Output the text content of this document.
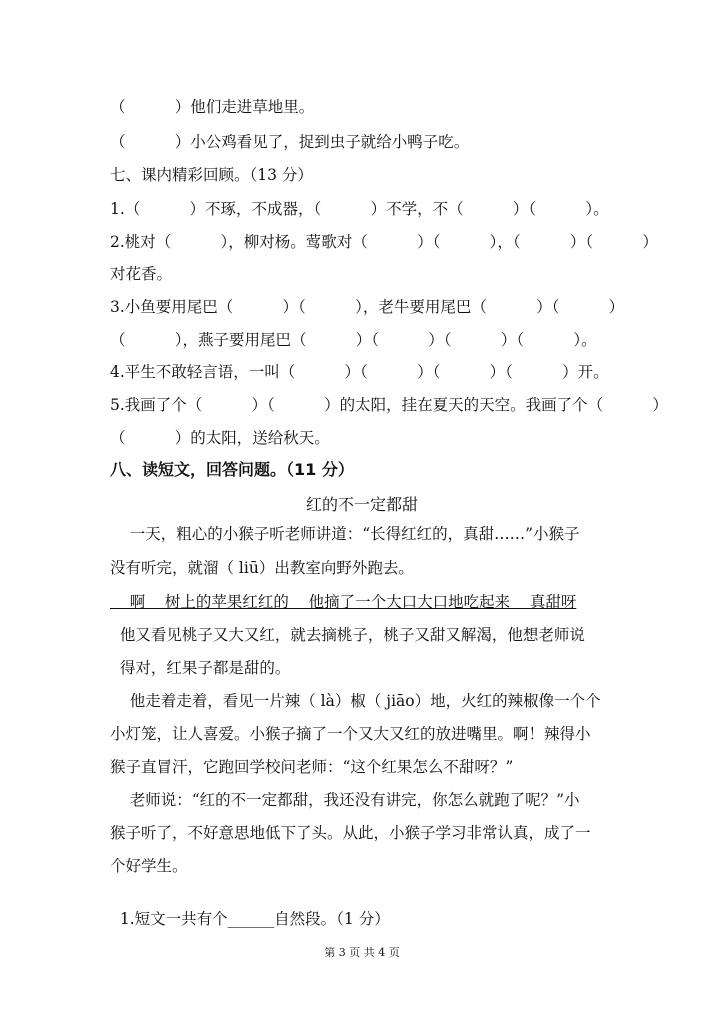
（          ）他们走进草地里。
（          ）小公鸡看见了，捉到虫子就给小鸭子吃。
七、课内精彩回顾。（13 分）
1.（          ）不琢，不成器，（          ）不学，不（          ）（          ）。
2.桃对（          ），柳对杨。莺歌对（          ）（          ），（          ）（          ）
对花香。
3.小鱼要用尾巴（          ）（          ），老牛要用尾巴（          ）（          ）
（          ），燕子要用尾巴（          ）（          ）（          ）（          ）。
4.平生不敢轻言语，一叫（          ）（          ）（          ）（          ）开。
5.我画了个（          ）（          ）的太阳，挂在夏天的天空。我画了个（          ）
（          ）的太阳，送给秋天。
八、读短文，回答问题。（11 分）
红的不一定都甜
一天，粗心的小猴子听老师讲道：“长得红红的，真甜……”小猴子
没有听完，就溜（ liū）出教室向野外跑去。
啊    树上的苹果红红的    他摘了一个大口大口地吃起来    真甜呀
他又看见桃子又大又红，就去摘桃子，桃子又甜又解渴，他想老师说
得对，红果子都是甜的。
他走着走着，看见一片辣（ là）椒（ jiāo）地，火红的辣椒像一个个
小灯笼，让人喜爱。小猴子摘了一个又大又红的放进嘴里。啊！辣得小
猴子直冒汗，它跑回学校问老师：“这个红果怎么不甜呀？”
老师说：“红的不一定都甜，我还没有讲完，你怎么就跑了呢？”小
猴子听了，不好意思地低下了头。从此，小猴子学习非常认真，成了一
个好学生。

1.短文一共有个______自然段。（1 分）

第 3 页 共 4 页
